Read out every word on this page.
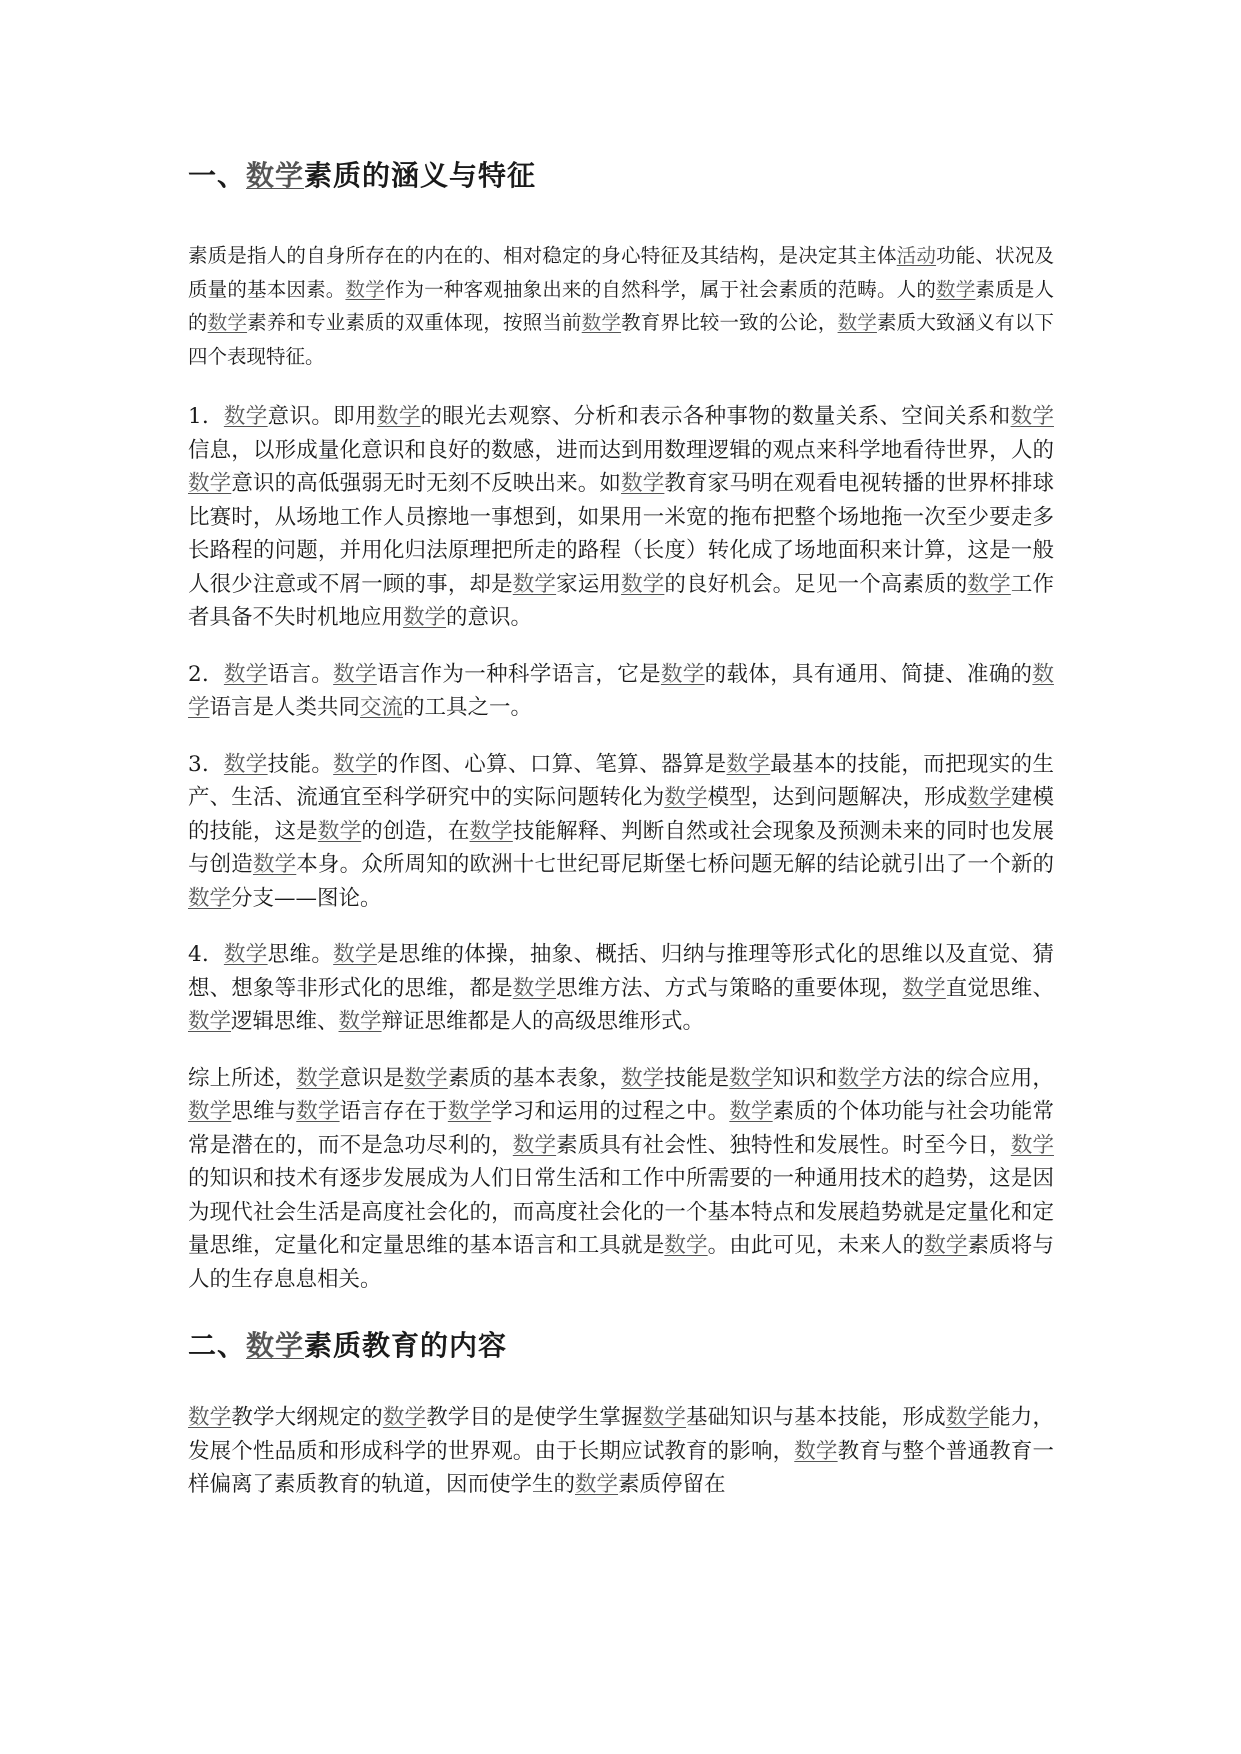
一、数学素质的涵义与特征

素质是指人的自身所存在的内在的、相对稳定的身心特征及其结构，是决定其主体活动功能、状况及质量的基本因素。数学作为一种客观抽象出来的自然科学，属于社会素质的范畴。人的数学素质是人的数学素养和专业素质的双重体现，按照当前数学教育界比较一致的公论，数学素质大致涵义有以下四个表现特征。

1．数学意识。即用数学的眼光去观察、分析和表示各种事物的数量关系、空间关系和数学信息，以形成量化意识和良好的数感，进而达到用数理逻辑的观点来科学地看待世界，人的数学意识的高低强弱无时无刻不反映出来。如数学教育家马明在观看电视转播的世界杯排球比赛时，从场地工作人员擦地一事想到，如果用一米宽的拖布把整个场地拖一次至少要走多长路程的问题，并用化归法原理把所走的路程（长度）转化成了场地面积来计算，这是一般人很少注意或不屑一顾的事，却是数学家运用数学的良好机会。足见一个高素质的数学工作者具备不失时机地应用数学的意识。

2．数学语言。数学语言作为一种科学语言，它是数学的载体，具有通用、简捷、准确的数学语言是人类共同交流的工具之一。

3．数学技能。数学的作图、心算、口算、笔算、器算是数学最基本的技能，而把现实的生产、生活、流通宜至科学研究中的实际问题转化为数学模型，达到问题解决，形成数学建模的技能，这是数学的创造，在数学技能解释、判断自然或社会现象及预测未来的同时也发展与创造数学本身。众所周知的欧洲十七世纪哥尼斯堡七桥问题无解的结论就引出了一个新的数学分支——图论。

4．数学思维。数学是思维的体操，抽象、概括、归纳与推理等形式化的思维以及直觉、猜想、想象等非形式化的思维，都是数学思维方法、方式与策略的重要体现，数学直觉思维、数学逻辑思维、数学辩证思维都是人的高级思维形式。

综上所述，数学意识是数学素质的基本表象，数学技能是数学知识和数学方法的综合应用，数学思维与数学语言存在于数学学习和运用的过程之中。数学素质的个体功能与社会功能常常是潜在的，而不是急功尽利的，数学素质具有社会性、独特性和发展性。时至今日，数学的知识和技术有逐步发展成为人们日常生活和工作中所需要的一种通用技术的趋势，这是因为现代社会生活是高度社会化的，而高度社会化的一个基本特点和发展趋势就是定量化和定量思维，定量化和定量思维的基本语言和工具就是数学。由此可见，未来人的数学素质将与人的生存息息相关。

二、数学素质教育的内容

数学教学大纲规定的数学教学目的是使学生掌握数学基础知识与基本技能，形成数学能力，发展个性品质和形成科学的世界观。由于长期应试教育的影响，数学教育与整个普通教育一样偏离了素质教育的轨道，因而使学生的数学素质停留在
